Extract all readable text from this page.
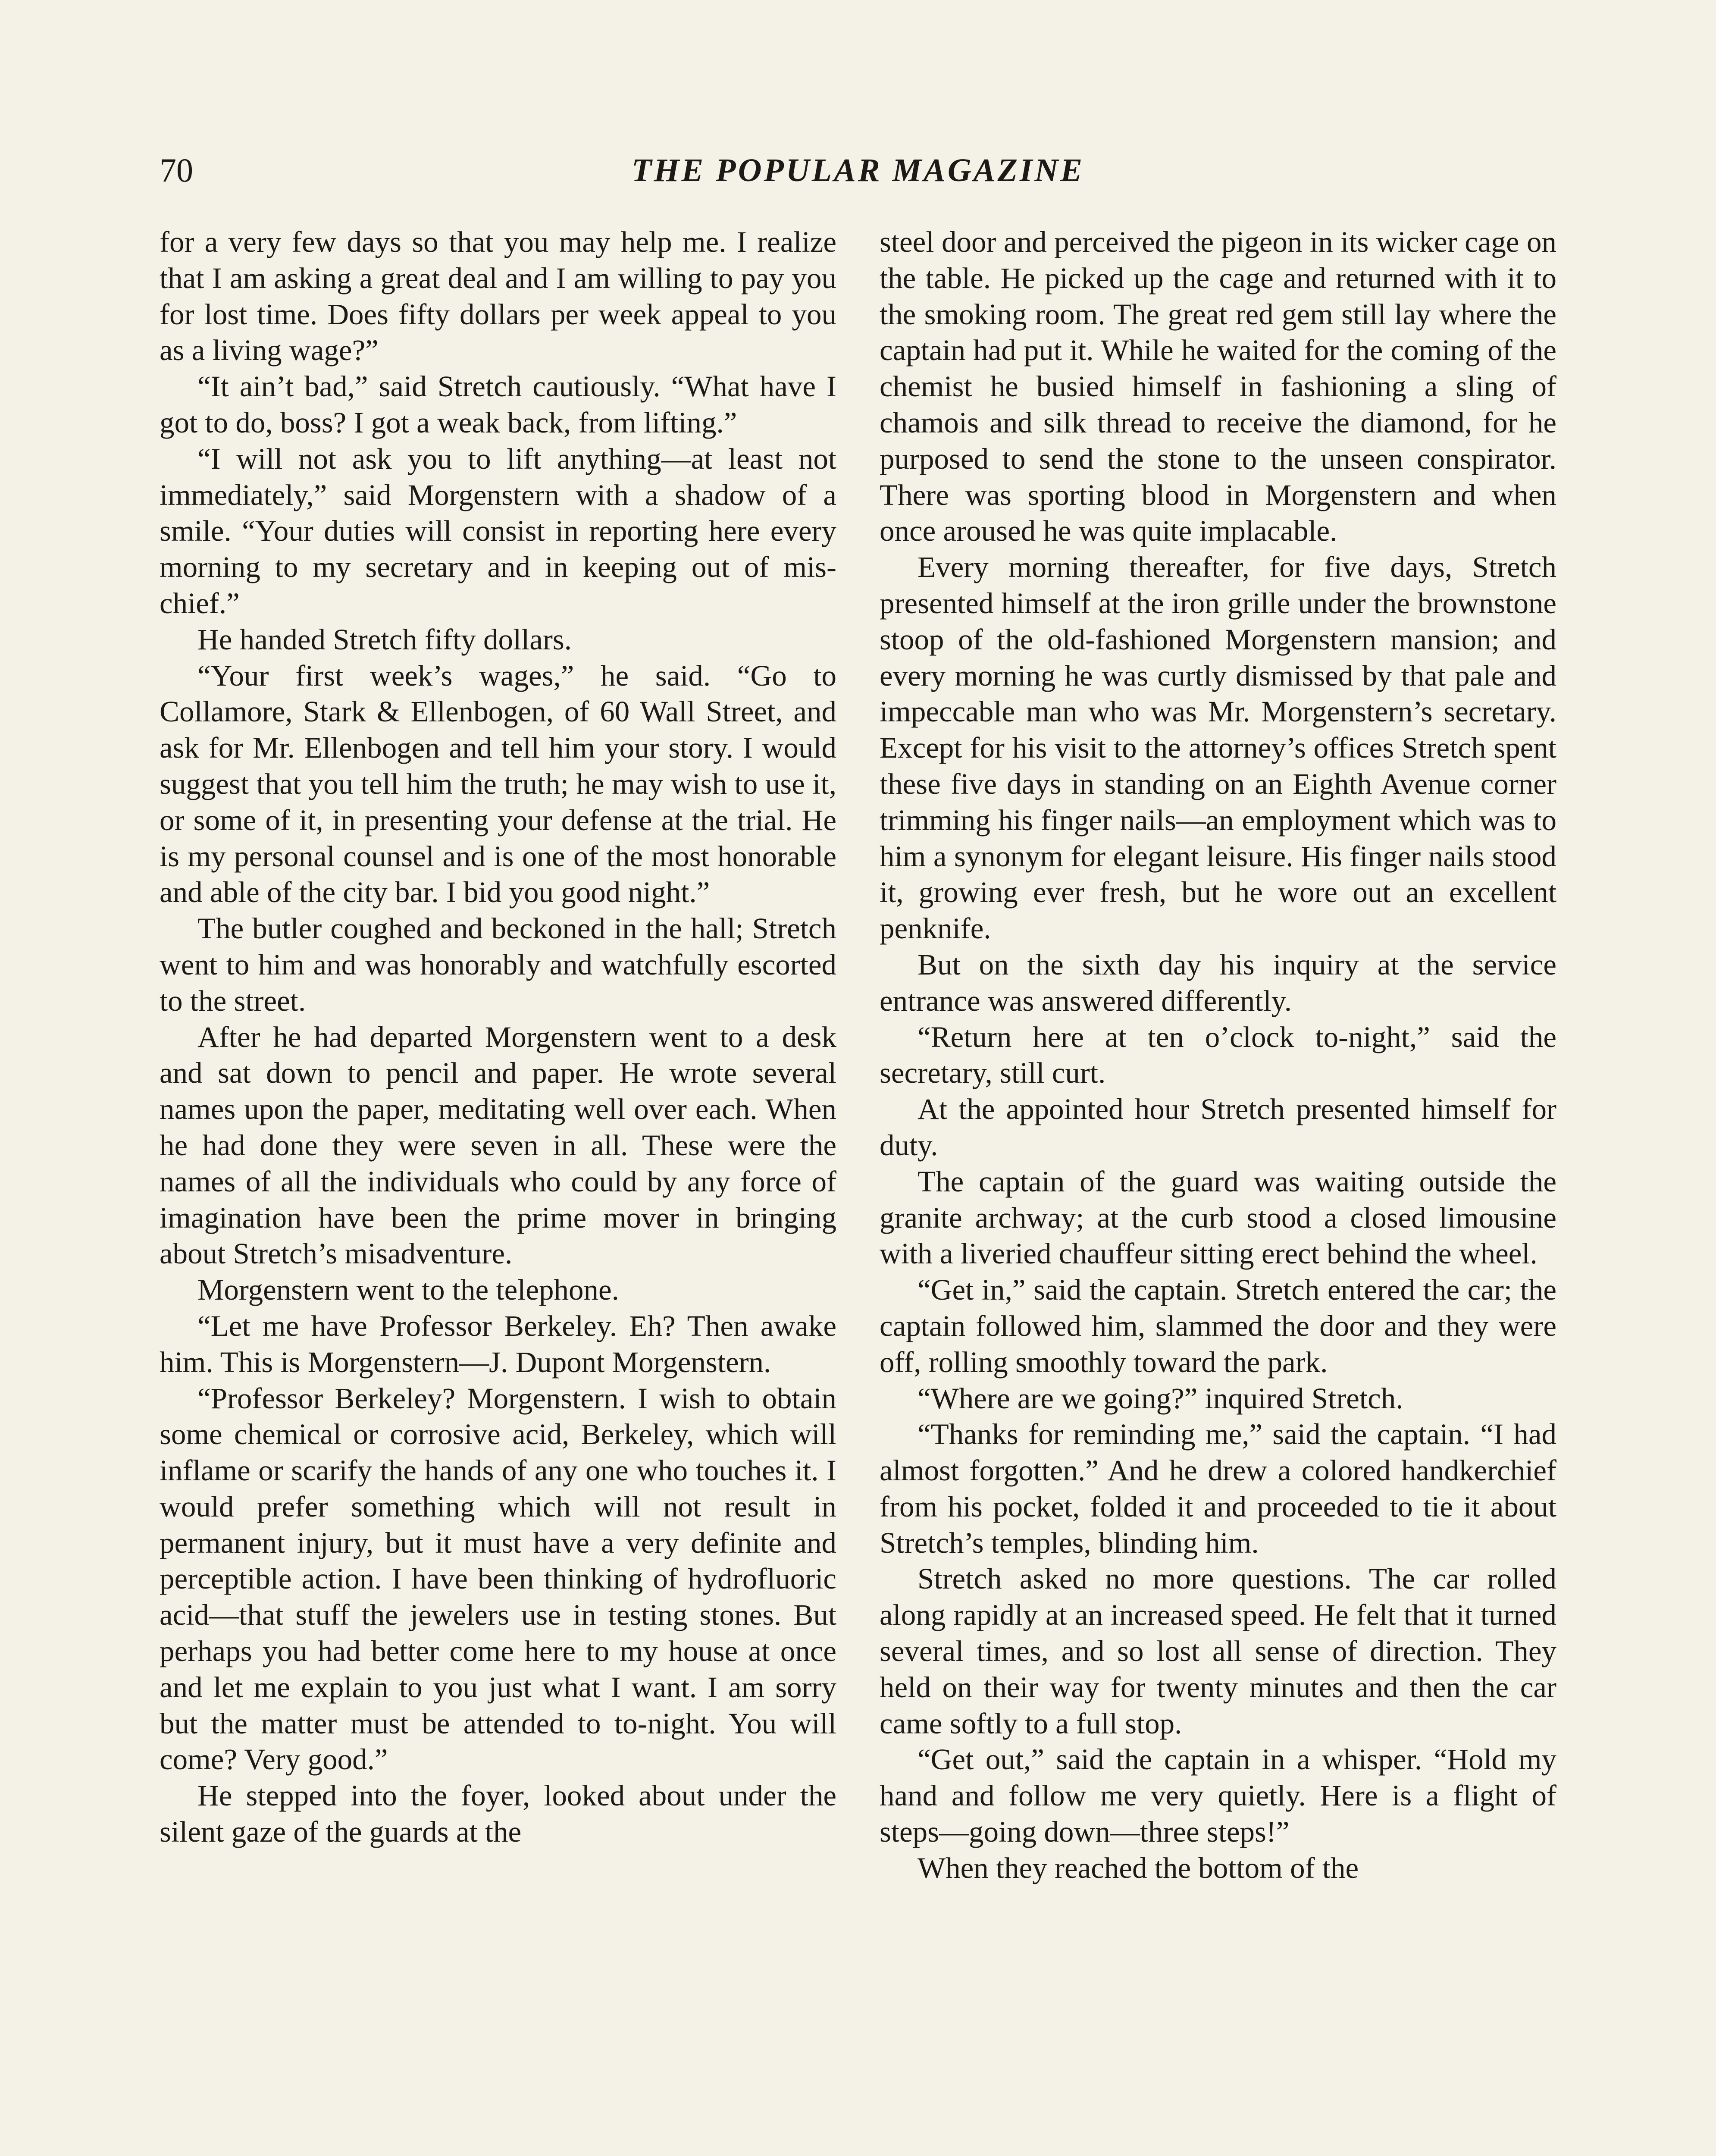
70	THE POPULAR MAGAZINE

for a very few days so that you may help me. I realize that I am asking a great deal and I am willing to pay you for lost time. Does fifty dollars per week appeal to you as a living wage?”

“It ain’t bad,” said Stretch cautiously. “What have I got to do, boss? I got a weak back, from lifting.”

“I will not ask you to lift anything—at least not immediately,” said Morgenstern with a shadow of a smile. “Your duties will consist in reporting here every morning to my secretary and in keeping out of mischief.”

He handed Stretch fifty dollars.

“Your first week’s wages,” he said. “Go to Collamore, Stark & Ellenbogen, of 60 Wall Street, and ask for Mr. Ellenbogen and tell him your story. I would suggest that you tell him the truth; he may wish to use it, or some of it, in presenting your defense at the trial. He is my personal counsel and is one of the most honorable and able of the city bar. I bid you good night.”

The butler coughed and beckoned in the hall; Stretch went to him and was honorably and watchfully escorted to the street.

After he had departed Morgenstern went to a desk and sat down to pencil and paper. He wrote several names upon the paper, meditating well over each. When he had done they were seven in all. These were the names of all the individuals who could by any force of imagination have been the prime mover in bringing about Stretch’s misadventure.

Morgenstern went to the telephone.

“Let me have Professor Berkeley. Eh? Then awake him. This is Morgenstern—J. Dupont Morgenstern.

“Professor Berkeley? Morgenstern. I wish to obtain some chemical or corrosive acid, Berkeley, which will inflame or scarify the hands of any one who touches it. I would prefer something which will not result in permanent injury, but it must have a very definite and perceptible action. I have been thinking of hydrofluoric acid—that stuff the jewelers use in testing stones. But perhaps you had better come here to my house at once and let me explain to you just what I want. I am sorry but the matter must be attended to to-night. You will come? Very good.”

He stepped into the foyer, looked about under the silent gaze of the guards at the

steel door and perceived the pigeon in its wicker cage on the table. He picked up the cage and returned with it to the smoking room. The great red gem still lay where the captain had put it. While he waited for the coming of the chemist he busied himself in fashioning a sling of chamois and silk thread to receive the diamond, for he purposed to send the stone to the unseen conspirator. There was sporting blood in Morgenstern and when once aroused he was quite implacable.

Every morning thereafter, for five days, Stretch presented himself at the iron grille under the brownstone stoop of the old-fashioned Morgenstern mansion; and every morning he was curtly dismissed by that pale and impeccable man who was Mr. Morgenstern’s secretary. Except for his visit to the attorney’s offices Stretch spent these five days in standing on an Eighth Avenue corner trimming his finger nails—an employment which was to him a synonym for elegant leisure. His finger nails stood it, growing ever fresh, but he wore out an excellent penknife.

But on the sixth day his inquiry at the service entrance was answered differently.

“Return here at ten o’clock to-night,” said the secretary, still curt.

At the appointed hour Stretch presented himself for duty.

The captain of the guard was waiting outside the granite archway; at the curb stood a closed limousine with a liveried chauffeur sitting erect behind the wheel.

“Get in,” said the captain. Stretch entered the car; the captain followed him, slammed the door and they were off, rolling smoothly toward the park.

“Where are we going?” inquired Stretch.

“Thanks for reminding me,” said the captain. “I had almost forgotten.” And he drew a colored handkerchief from his pocket, folded it and proceeded to tie it about Stretch’s temples, blinding him.

Stretch asked no more questions. The car rolled along rapidly at an increased speed. He felt that it turned several times, and so lost all sense of direction. They held on their way for twenty minutes and then the car came softly to a full stop.

“Get out,” said the captain in a whisper. “Hold my hand and follow me very quietly. Here is a flight of steps—going down—three steps!”

When they reached the bottom of the
